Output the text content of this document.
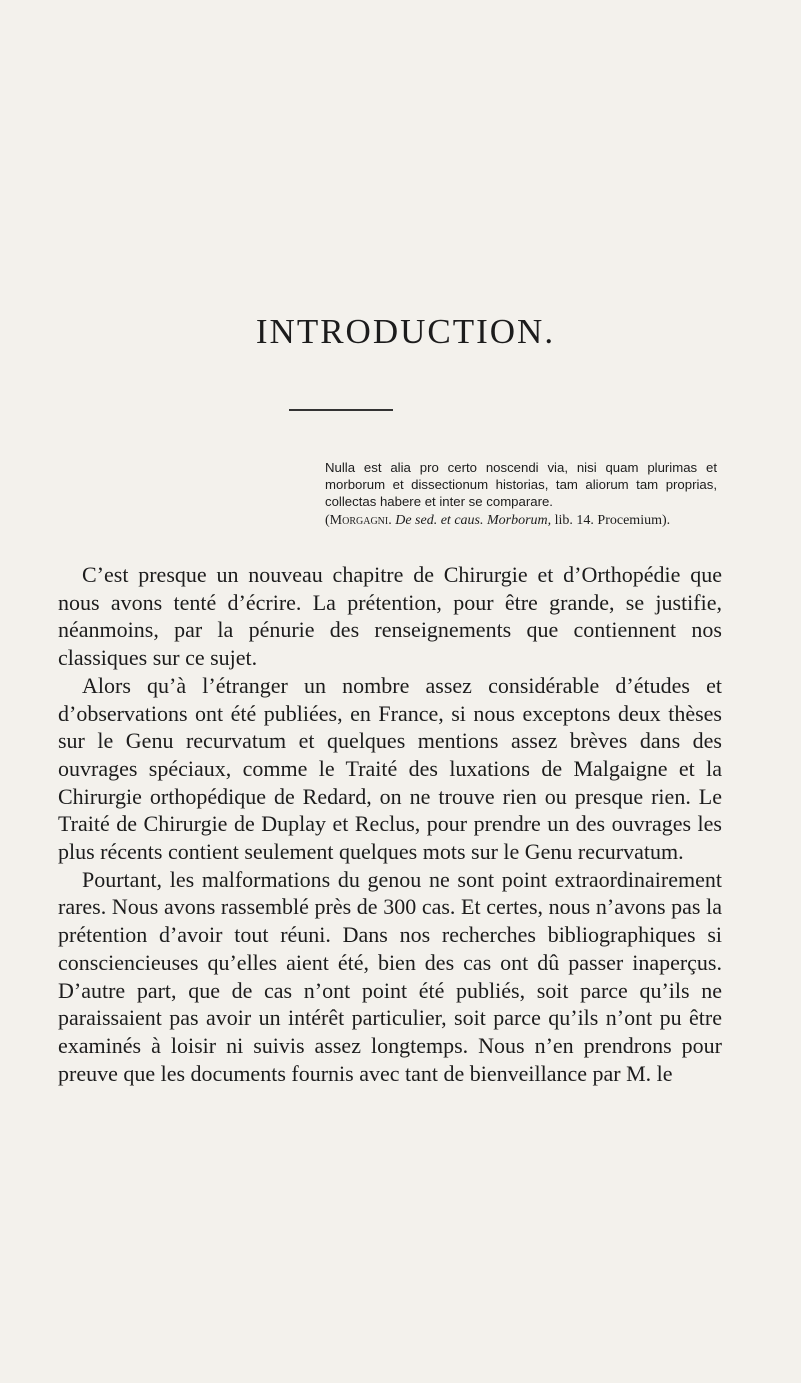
INTRODUCTION.

Nulla est alia pro certo noscendi via, nisi quam plurimas et morborum et dissectionum historias, tam aliorum tam proprias, collectas habere et inter se comparare.

(Morgagni. De sed. et caus. Morborum, lib. 14. Procemium).

C’est presque un nouveau chapitre de Chirurgie et d’Orthopédie que nous avons tenté d’écrire. La prétention, pour être grande, se justifie, néanmoins, par la pénurie des renseignements que contiennent nos classiques sur ce sujet.

Alors qu’à l’étranger un nombre assez considérable d’études et d’observations ont été publiées, en France, si nous exceptons deux thèses sur le Genu recurvatum et quelques mentions assez brèves dans des ouvrages spéciaux, comme le Traité des luxations de Malgaigne et la Chirurgie orthopédique de Redard, on ne trouve rien ou presque rien. Le Traité de Chirurgie de Duplay et Reclus, pour prendre un des ouvrages les plus récents contient seulement quelques mots sur le Genu recurvatum.

Pourtant, les malformations du genou ne sont point extraordinairement rares. Nous avons rassemblé près de 300 cas. Et certes, nous n’avons pas la prétention d’avoir tout réuni. Dans nos recherches bibliographiques si consciencieuses qu’elles aient été, bien des cas ont dû passer inaperçus. D’autre part, que de cas n’ont point été publiés, soit parce qu’ils ne paraissaient pas avoir un intérêt particulier, soit parce qu’ils n’ont pu être examinés à loisir ni suivis assez longtemps. Nous n’en prendrons pour preuve que les documents fournis avec tant de bienveillance par M. le
